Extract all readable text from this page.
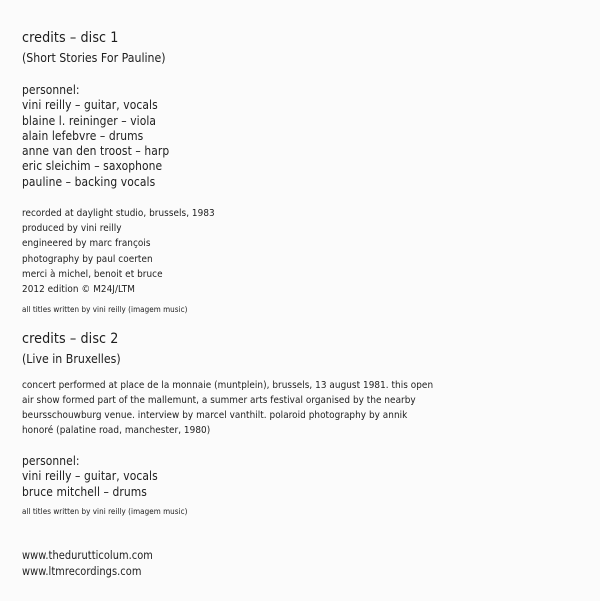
credits – disc 1
(Short Stories For Pauline)
personnel:
vini reilly – guitar, vocals
blaine l. reininger – viola
alain lefebvre – drums
anne van den troost – harp
eric sleichim – saxophone
pauline – backing vocals
recorded at daylight studio, brussels, 1983
produced by vini reilly
engineered by marc françois
photography by paul coerten
merci à michel, benoit et bruce
2012 edition © M24J/LTM
all titles written by vini reilly (imagem music)
credits – disc 2
(Live in Bruxelles)
concert performed at place de la monnaie (muntplein), brussels, 13 august 1981. this open
air show formed part of the mallemunt, a summer arts festival organised by the nearby
beursschouwburg venue. interview by marcel vanthilt. polaroid photography by annik
honoré (palatine road, manchester, 1980)
personnel:
vini reilly – guitar, vocals
bruce mitchell – drums
all titles written by vini reilly (imagem music)
www.thedurutticolum.com
www.ltmrecordings.com
